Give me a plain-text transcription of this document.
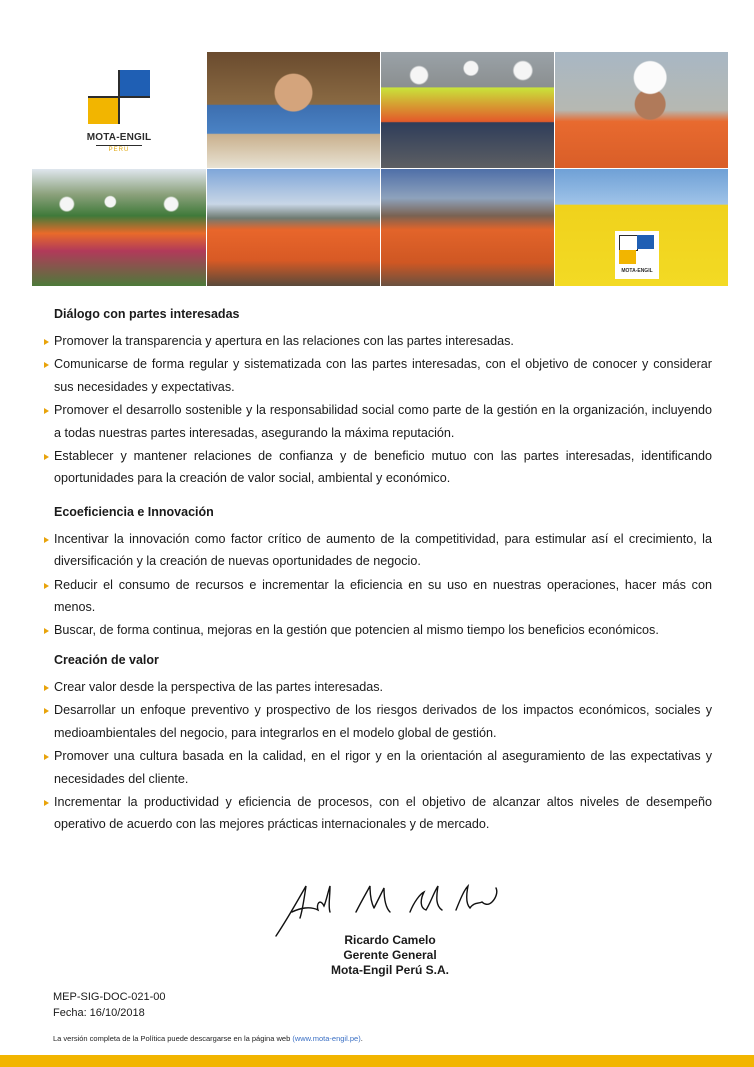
MOTA-ENGIL
PERU
MOTA-ENGIL
Diálogo con partes interesadas
Promover la transparencia y apertura en las relaciones con las partes interesadas.
Comunicarse de forma regular y sistematizada con las partes interesadas, con el objetivo de conocer y considerar sus necesidades y expectativas.
Promover el desarrollo sostenible y la responsabilidad social como parte de la gestión en la organización, incluyendo a todas nuestras partes interesadas, asegurando la máxima reputación.
Establecer y mantener relaciones de confianza y de beneficio mutuo con las partes interesadas, identificando oportunidades para la creación de valor social, ambiental y económico.
Ecoeficiencia e Innovación
Incentivar la innovación como factor crítico de aumento de la competitividad, para estimular así el crecimiento, la diversificación y la creación de nuevas oportunidades de negocio.
Reducir el consumo de recursos e incrementar la eficiencia en su uso en nuestras operaciones, hacer más con menos.
Buscar, de forma continua, mejoras en la gestión que potencien al mismo tiempo los beneficios económicos.
Creación de valor
Crear valor desde la perspectiva de las partes interesadas.
Desarrollar un enfoque preventivo y prospectivo de los riesgos derivados de los impactos económicos, sociales y medioambientales del negocio, para integrarlos en el modelo global de gestión.
Promover una cultura basada en la calidad, en el rigor y en la orientación al aseguramiento de las expectativas y necesidades del cliente.
Incrementar la productividad y eficiencia de procesos, con el objetivo de alcanzar altos niveles de desempeño operativo de acuerdo con las mejores prácticas internacionales y de mercado.
Ricardo Camelo
Gerente General
Mota-Engil Perú S.A.
MEP-SIG-DOC-021-00
Fecha: 16/10/2018
La versión completa de la Política puede descargarse en la página web (www.mota-engil.pe).
